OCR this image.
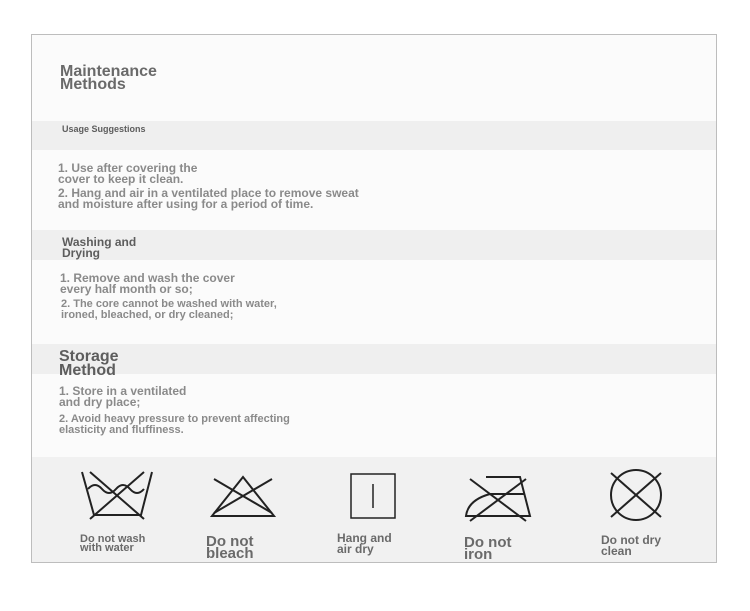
Maintenance
Methods
Usage Suggestions
1. Use after covering the
cover to keep it clean.
2. Hang and air in a ventilated place to remove sweat
and moisture after using for a period of time.
Washing and
Drying
1. Remove and wash the cover
every half month or so;
2. The core cannot be washed with water,
ironed, bleached, or dry cleaned;
Storage
Method
1. Store in a ventilated
and dry place;
2. Avoid heavy pressure to prevent affecting
elasticity and fluffiness.
Do not wash
with water	Do not
bleach
Hang and
air dry	Do not
iron
Do not dry
clean
